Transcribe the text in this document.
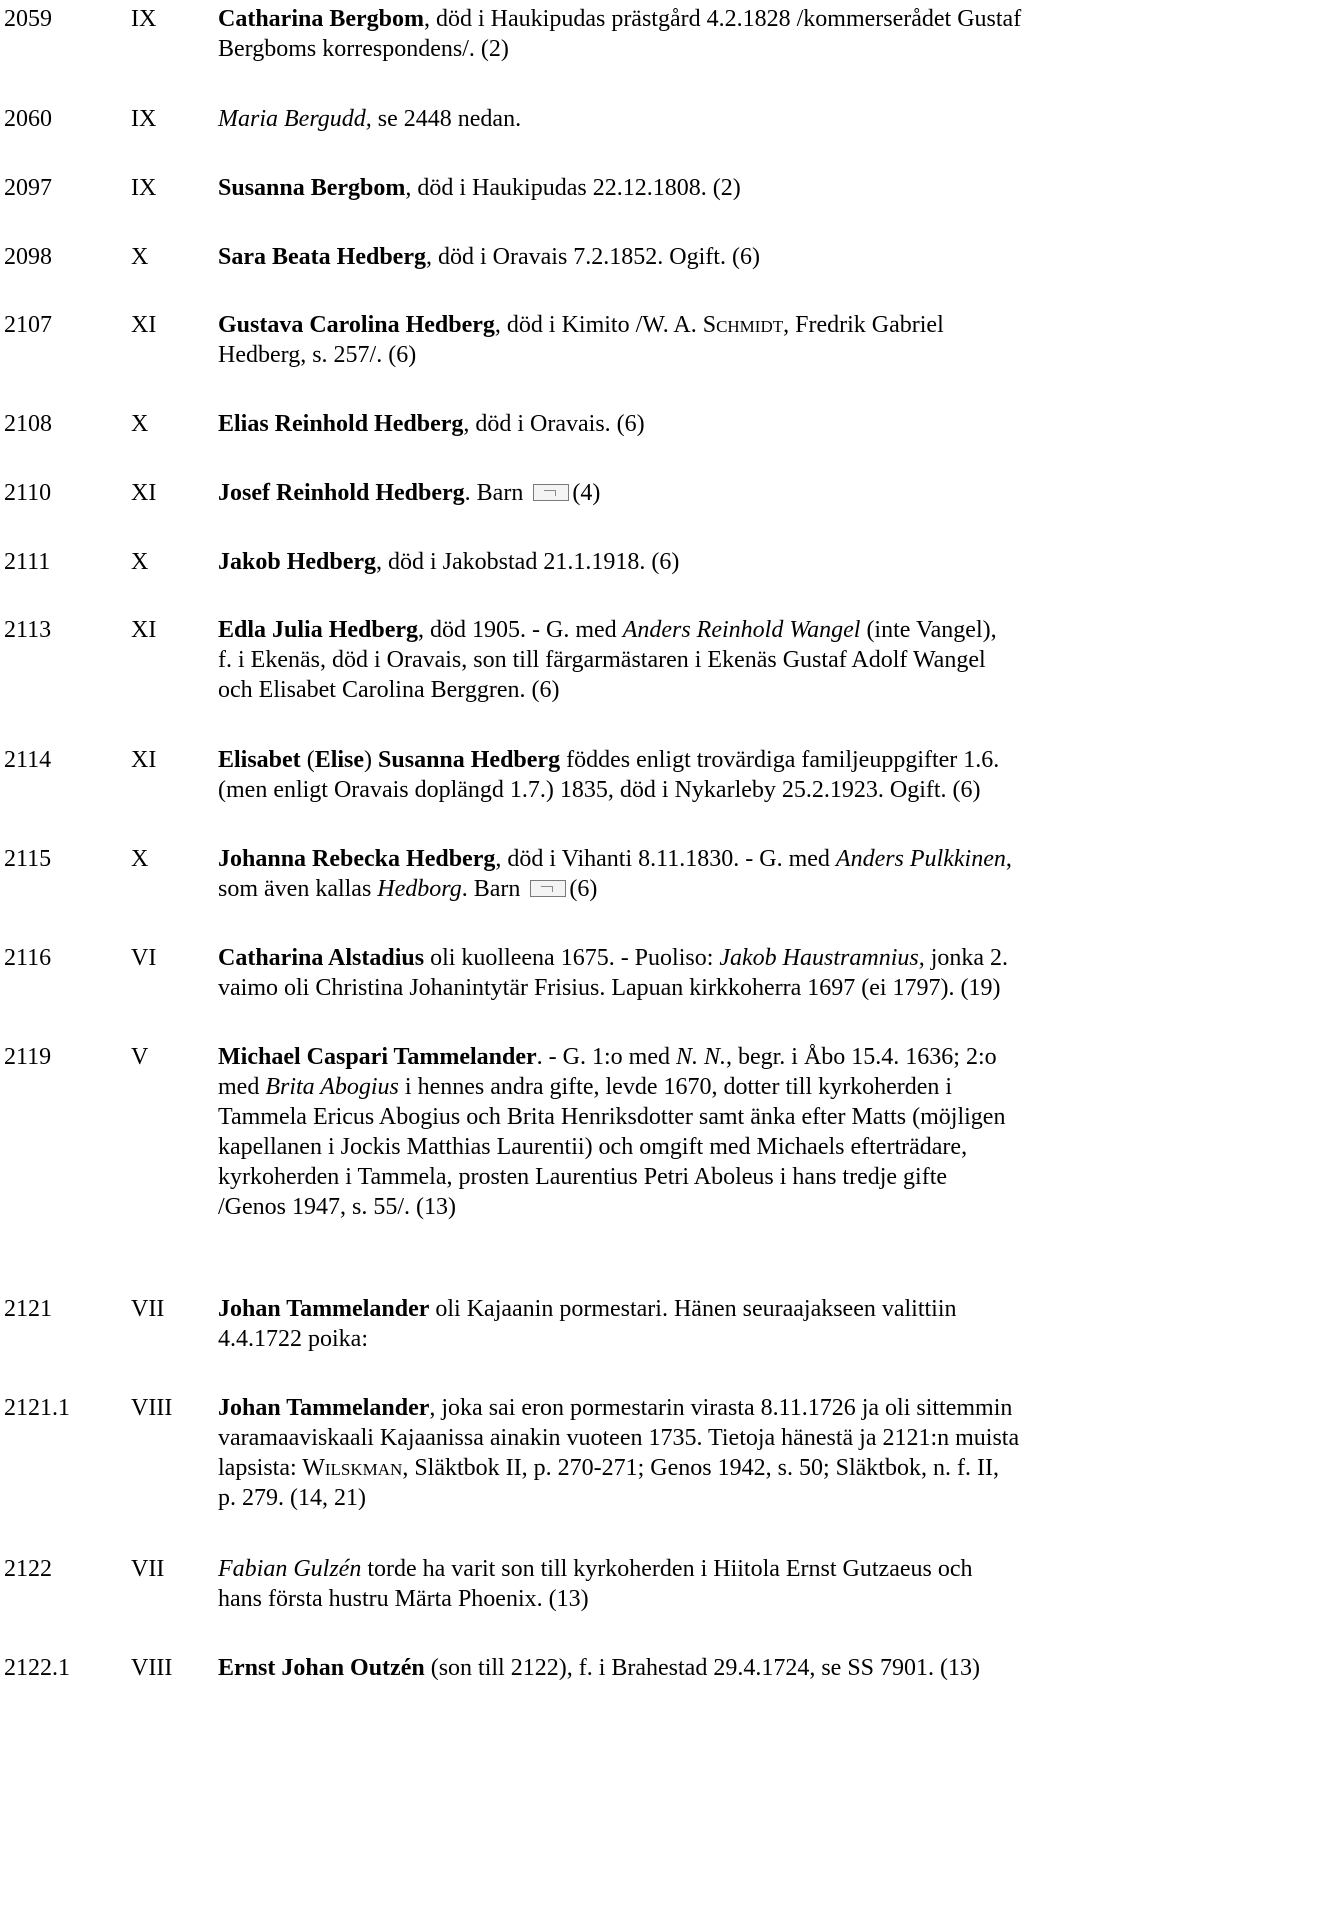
2059	IX	Catharina Bergbom, död i Haukipudas prästgård 4.2.1828 /kommerserådet Gustaf
Bergboms korrespondens/. (2)
2060	IX	Maria Bergudd, se 2448 nedan.
2097	IX	Susanna Bergbom, död i Haukipudas 22.12.1808. (2)
2098	X	Sara Beata Hedberg, död i Oravais 7.2.1852. Ogift. (6)
2107	XI	Gustava Carolina Hedberg, död i Kimito /W. A. Schmidt, Fredrik Gabriel
Hedberg, s. 257/. (6)
2108	X	Elias Reinhold Hedberg, död i Oravais. (6)
2110	XI	Josef Reinhold Hedberg. Barn (4)
2111	X	Jakob Hedberg, död i Jakobstad 21.1.1918. (6)
2113	XI	Edla Julia Hedberg, död 1905. - G. med Anders Reinhold Wangel (inte Vangel),
f. i Ekenäs, död i Oravais, son till färgarmästaren i Ekenäs Gustaf Adolf Wangel
och Elisabet Carolina Berggren. (6)
2114	XI	Elisabet (Elise) Susanna Hedberg föddes enligt trovärdiga familjeuppgifter 1.6.
(men enligt Oravais doplängd 1.7.) 1835, död i Nykarleby 25.2.1923. Ogift. (6)
2115	X	Johanna Rebecka Hedberg, död i Vihanti 8.11.1830. - G. med Anders Pulkkinen,
som även kallas Hedborg. Barn (6)
2116	VI	Catharina Alstadius oli kuolleena 1675. - Puoliso: Jakob Haustramnius, jonka 2.
vaimo oli Christina Johanintytär Frisius. Lapuan kirkkoherra 1697 (ei 1797). (19)
2119	V	Michael Caspari Tammelander. - G. 1:o med N. N., begr. i Åbo 15.4. 1636; 2:o
med Brita Abogius i hennes andra gifte, levde 1670, dotter till kyrkoherden i
Tammela Ericus Abogius och Brita Henriksdotter samt änka efter Matts (möjligen
kapellanen i Jockis Matthias Laurentii) och omgift med Michaels efterträdare,
kyrkoherden i Tammela, prosten Laurentius Petri Aboleus i hans tredje gifte
/Genos 1947, s. 55/. (13)
2121	VII Johan Tammelander oli Kajaanin pormestari. Hänen seuraajakseen valittiin
4.4.1722 poika:
2121.1	VIII Johan Tammelander, joka sai eron pormestarin virasta 8.11.1726 ja oli sittemmin
varamaaviskaali Kajaanissa ainakin vuoteen 1735. Tietoja hänestä ja 2121:n muista
lapsista: Wilskman, Släktbok II, p. 270-271; Genos 1942, s. 50; Släktbok, n. f. II,
p. 279. (14, 21)
2122	VII Fabian Gulzén torde ha varit son till kyrkoherden i Hiitola Ernst Gutzaeus och
hans första hustru Märta Phoenix. (13)
2122.1	VIII Ernst Johan Outzén (son till 2122), f. i Brahestad 29.4.1724, se SS 7901. (13)
